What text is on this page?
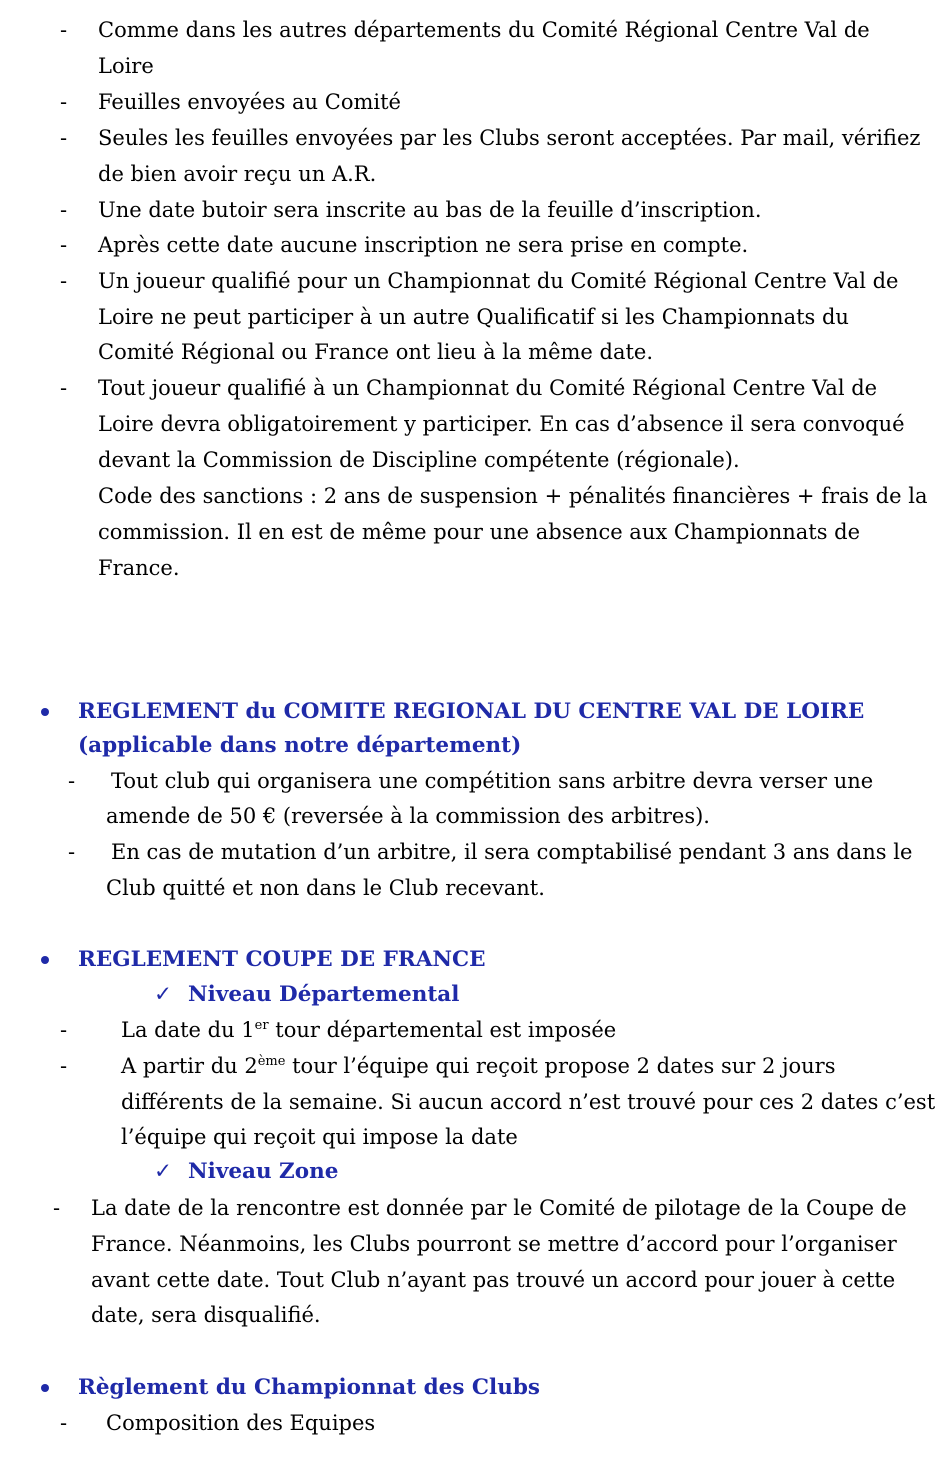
- Comme dans les autres départements du Comité Régional Centre Val de
Loire
- Feuilles envoyées au Comité
- Seules les feuilles envoyées par les Clubs seront acceptées. Par mail, vérifiez
de bien avoir reçu un A.R.
- Une date butoir sera inscrite au bas de la feuille d’inscription.
- Après cette date aucune inscription ne sera prise en compte.
- Un joueur qualifié pour un Championnat du Comité Régional Centre Val de
Loire ne peut participer à un autre Qualificatif si les Championnats du
Comité Régional ou France ont lieu à la même date.
- Tout joueur qualifié à un Championnat du Comité Régional Centre Val de
Loire devra obligatoirement y participer. En cas d’absence il sera convoqué
devant la Commission de Discipline compétente (régionale).
Code des sanctions : 2 ans de suspension + pénalités financières + frais de la
commission. Il en est de même pour une absence aux Championnats de
France.
REGLEMENT du COMITE REGIONAL DU CENTRE VAL DE LOIRE
(applicable dans notre département)
- Tout club qui organisera une compétition sans arbitre devra verser une
amende de 50 € (reversée à la commission des arbitres).
- En cas de mutation d’un arbitre, il sera comptabilisé pendant 3 ans dans le
Club quitté et non dans le Club recevant.
REGLEMENT COUPE DE FRANCE
✓ Niveau Départemental
-	La date du 1er tour départemental est imposée
-	A partir du 2ème tour l’équipe qui reçoit propose 2 dates sur 2 jours
différents de la semaine. Si aucun accord n’est trouvé pour ces 2 dates c’est
l’équipe qui reçoit qui impose la date
✓ Niveau Zone
- La date de la rencontre est donnée par le Comité de pilotage de la Coupe de
France. Néanmoins, les Clubs pourront se mettre d’accord pour l’organiser
avant cette date. Tout Club n’ayant pas trouvé un accord pour jouer à cette
date, sera disqualifié.
Règlement du Championnat des Clubs
- Composition des Equipes
